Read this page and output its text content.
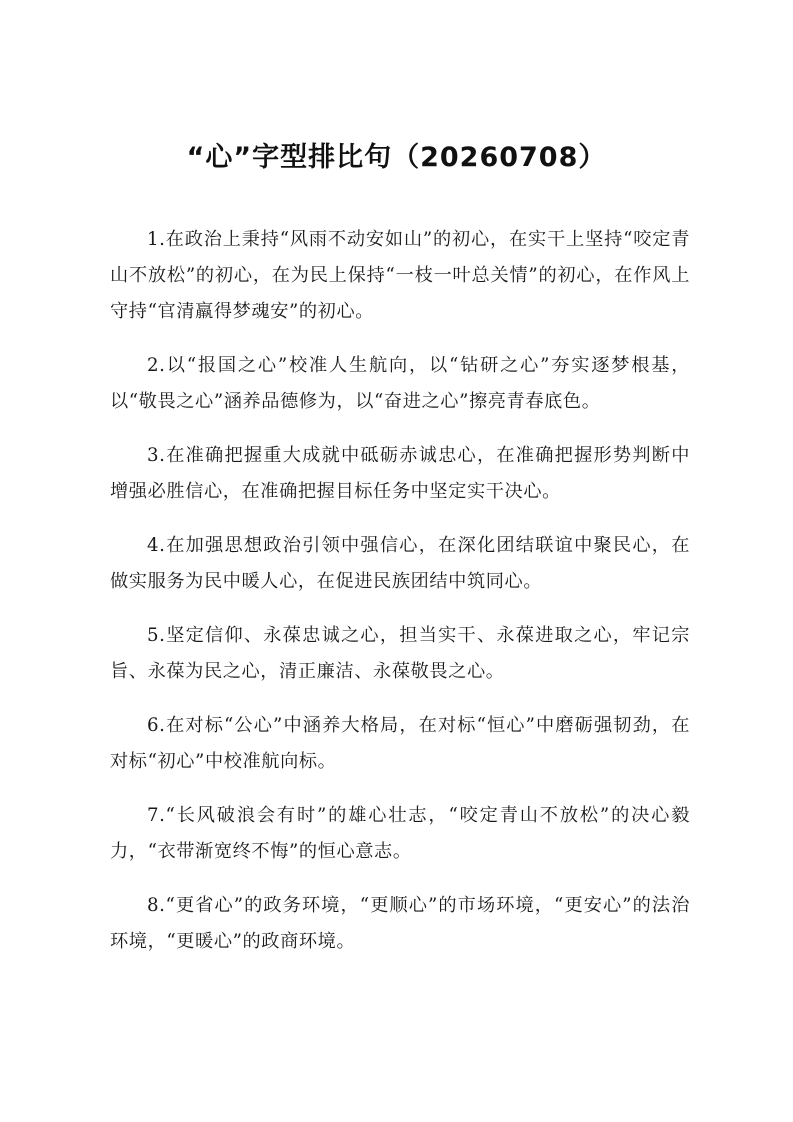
“心”字型排比句（20260708）

1.在政治上秉持“风雨不动安如山”的初心，在实干上坚持“咬定青山不放松”的初心，在为民上保持“一枝一叶总关情”的初心，在作风上守持“官清羸得梦魂安”的初心。

2.以“报国之心”校准人生航向，以“钻研之心”夯实逐梦根基，以“敬畏之心”涵养品德修为，以“奋进之心”擦亮青春底色。

3.在准确把握重大成就中砥砺赤诚忠心，在准确把握形势判断中增强必胜信心，在准确把握目标任务中坚定实干决心。

4.在加强思想政治引领中强信心，在深化团结联谊中聚民心，在做实服务为民中暖人心，在促进民族团结中筑同心。

5.坚定信仰、永葆忠诚之心，担当实干、永葆进取之心，牢记宗旨、永葆为民之心，清正廉洁、永葆敬畏之心。

6.在对标“公心”中涵养大格局，在对标“恒心”中磨砺强韧劲，在对标“初心”中校准航向标。

7.“长风破浪会有时”的雄心壮志，“咬定青山不放松”的决心毅力，“衣带渐宽终不悔”的恒心意志。

8.“更省心”的政务环境，“更顺心”的市场环境，“更安心”的法治环境，“更暖心”的政商环境。
